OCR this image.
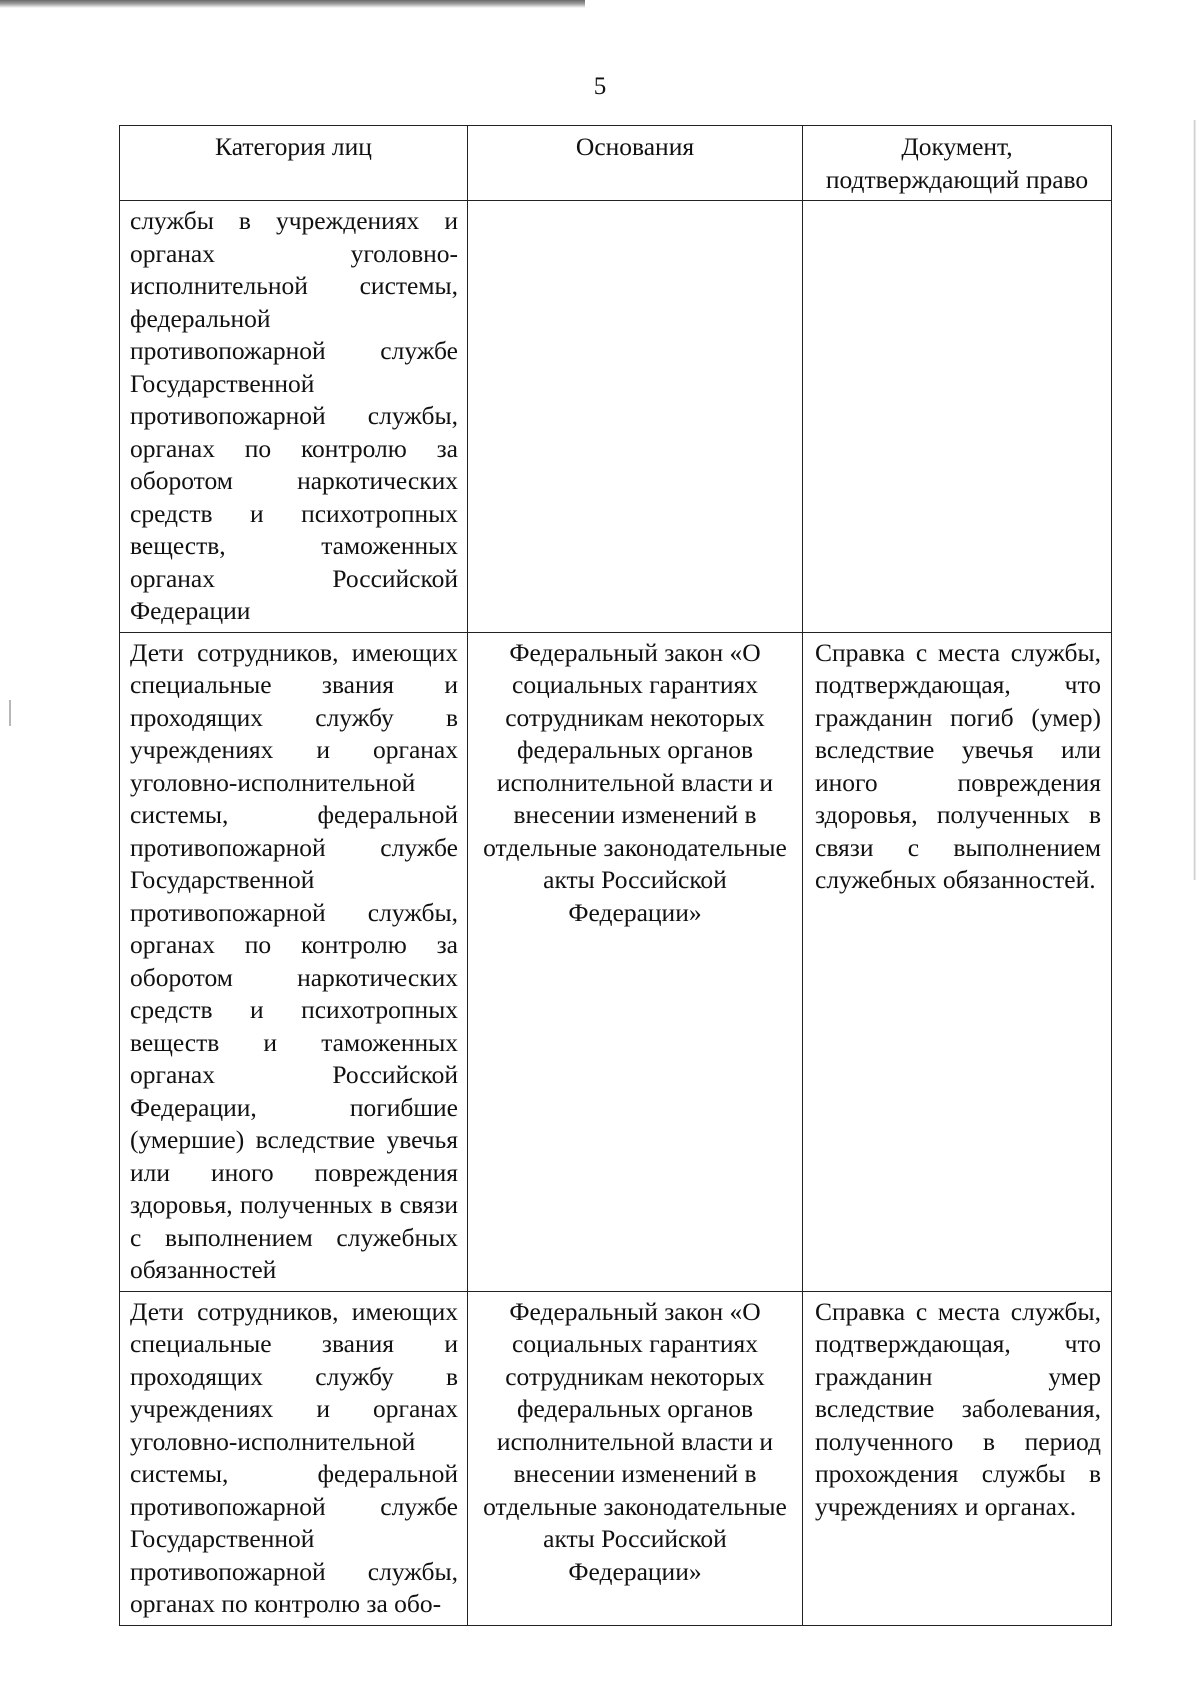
5
Категория лиц	Основания	Документ, подтверждающий право
службы в учреждениях и органах уголовно-исполнительной системы, федеральной противопожарной службе Государственной противопожарной службы, органах по контролю за оборотом наркотических средств и психотропных веществ, таможенных органах Российской Федерации		
Дети сотрудников, имеющих специальные звания и проходящих службу в учреждениях и органах уголовно-исполнительной системы, федеральной противопожарной службе Государственной противопожарной службы, органах по контролю за оборотом наркотических средств и психотропных веществ и таможенных органах Российской Федерации, погибшие (умершие) вследствие увечья или иного повреждения здоровья, полученных в связи с выполнением служебных обязанностей	Федеральный закон «О социальных гарантиях сотрудникам некоторых федеральных органов исполнительной власти и внесении изменений в отдельные законодательные акты Российской Федерации»	Справка с места службы, подтверждающая, что гражданин погиб (умер) вследствие увечья или иного повреждения здоровья, полученных в связи с выполнением служебных обязанностей.
Дети сотрудников, имеющих специальные звания и проходящих службу в учреждениях и органах уголовно-исполнительной системы, федеральной противопожарной службе Государственной противопожарной службы, органах по контролю за обо-	Федеральный закон «О социальных гарантиях сотрудникам некоторых федеральных органов исполнительной власти и внесении изменений в отдельные законодательные акты Российской Федерации»	Справка с места службы, подтверждающая, что гражданин умер вследствие заболевания, полученного в период прохождения службы в учреждениях и органах.
